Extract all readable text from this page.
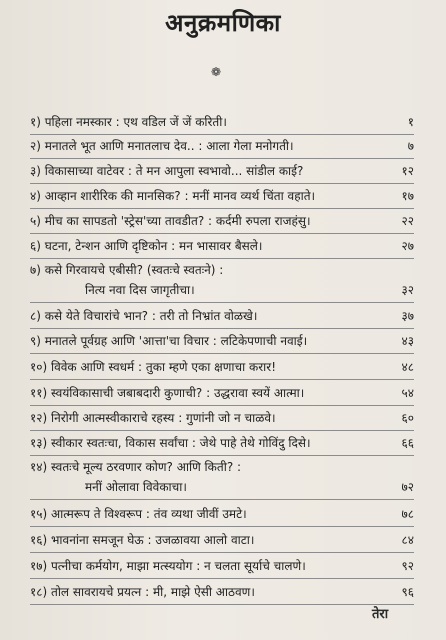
अनुक्रमणिका
❁
१) पहिला नमस्कार : एथ वडिल जें जें करिती।	१
२) मनातले भूत आणि मनातलाच देव.. : आला गेला मनोगती।	७
३) विकासाच्या वाटेवर : ते मन आपुला स्वभावो... सांडील काई?	१२
४) आव्हान शारीरिक की मानसिक? : मनीं मानव व्यर्थ चिंता वहाते।	१७
५) मीच का सापडतो 'स्ट्रेस'च्या तावडीत? : कर्दमी रुपला राजहंसु।	२२
६) घटना, टेन्शन आणि दृष्टिकोन : मन भासावर बैसले।	२७
७) कसे गिरवायचे एबीसी? (स्वतःचे स्वतःने) :
नित्य नवा दिस जागृतीचा।	३२
८) कसे येते विचारांचे भान? : तरी तो निभ्रांत वोळखे।	३७
९) मनातले पूर्वग्रह आणि 'आत्ता'चा विचार : लटिकेपणाची नवाई।	४३
१०) विवेक आणि स्वधर्म : तुका म्हणे एका क्षणाचा करार!	४८
११) स्वयंविकासाची जबाबदारी कुणाची? : उद्धरावा स्वयें आत्मा।	५४
१२) निरोगी आत्मस्वीकाराचे रहस्य : गुणांनी जो न चाळवे।	६०
१३) स्वीकार स्वतःचा, विकास सर्वांचा : जेथे पाहे तेथे गोविंदु दिसे।	६६
१४) स्वतःचे मूल्य ठरवणार कोण? आणि किती? :
मनीं ओलावा विवेकाचा।	७२
१५) आत्मरूप ते विश्वरूप : तंव व्यथा जीवीं उमटे।	७८
१६) भावनांना समजून घेऊ : उजळावया आलो वाटा।	८४
१७) पत्नीचा कर्मयोग, माझा मत्स्ययोग : न चलता सूर्याचे चालणे।	९२
१८) तोल सावरायचे प्रयत्न : मी, माझे ऐसी आठवण।	९६
तेरा
